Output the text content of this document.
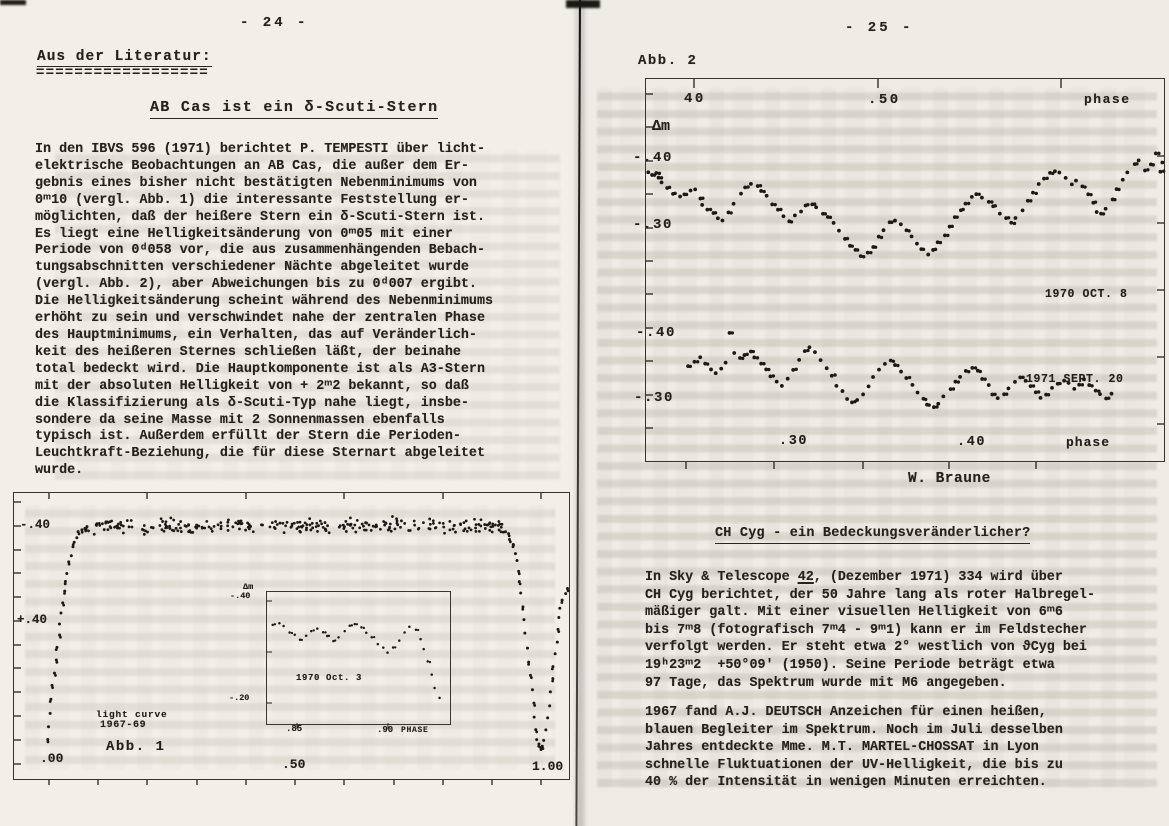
- 24 -
Aus der Literatur:
==================
AB Cas ist ein δ-Scuti-Stern
In den IBVS 596 (1971) berichtet P. TEMPESTI über licht-
elektrische Beobachtungen an AB Cas, die außer dem Er-
gebnis eines bisher nicht bestätigten Nebenminimums von
0ᵐ10 (vergl. Abb. 1) die interessante Feststellung er-
möglichten, daß der heißere Stern ein δ-Scuti-Stern ist.
Es liegt eine Helligkeitsänderung von 0ᵐ05 mit einer
Periode von 0ᵈ058 vor, die aus zusammenhängenden Bebach-
tungsabschnitten verschiedener Nächte abgeleitet wurde
(vergl. Abb. 2), aber Abweichungen bis zu 0ᵈ007 ergibt.
Die Helligkeitsänderung scheint während des Nebenminimums
erhöht zu sein und verschwindet nahe der zentralen Phase
des Hauptminimums, ein Verhalten, das auf Veränderlich-
keit des heißeren Sternes schließen läßt, der beinahe
total bedeckt wird. Die Hauptkomponente ist als A3-Stern
mit der absoluten Helligkeit von + 2ᵐ2 bekannt, so daß
die Klassifizierung als δ-Scuti-Typ nahe liegt, insbe-
sondere da seine Masse mit 2 Sonnenmassen ebenfalls
typisch ist. Außerdem erfüllt der Stern die Perioden-
Leuchtkraft-Beziehung, die für diese Sternart abgeleitet
wurde.
-.40
+.40
.00	.50	1.00
light curve
1967-69
Abb. 1
Δm
-.40
-.20
.85	.90 PHASE
1970 Oct. 3
- 25 -
Abb. 2
40	.50	phase
Δm
-.40
-.30
-.40
-.30
1970 OCT. 8
1971 SEPT. 20
.30	.40	phase
W. Braune
CH Cyg - ein Bedeckungsveränderlicher?
In Sky & Telescope 42, (Dezember 1971) 334 wird über
CH Cyg berichtet, der 50 Jahre lang als roter Halbregel-
mäßiger galt. Mit einer visuellen Helligkeit von 6ᵐ6
bis 7ᵐ8 (fotografisch 7ᵐ4 - 9ᵐ1) kann er im Feldstecher
verfolgt werden. Er steht etwa 2° westlich von ϑCyg bei
19ʰ23ᵐ2  +50°09' (1950). Seine Periode beträgt etwa
97 Tage, das Spektrum wurde mit M6 angegeben.
1967 fand A.J. DEUTSCH Anzeichen für einen heißen,
blauen Begleiter im Spektrum. Noch im Juli desselben
Jahres entdeckte Mme. M.T. MARTEL-CHOSSAT in Lyon
schnelle Fluktuationen der UV-Helligkeit, die bis zu
40 % der Intensität in wenigen Minuten erreichten.
